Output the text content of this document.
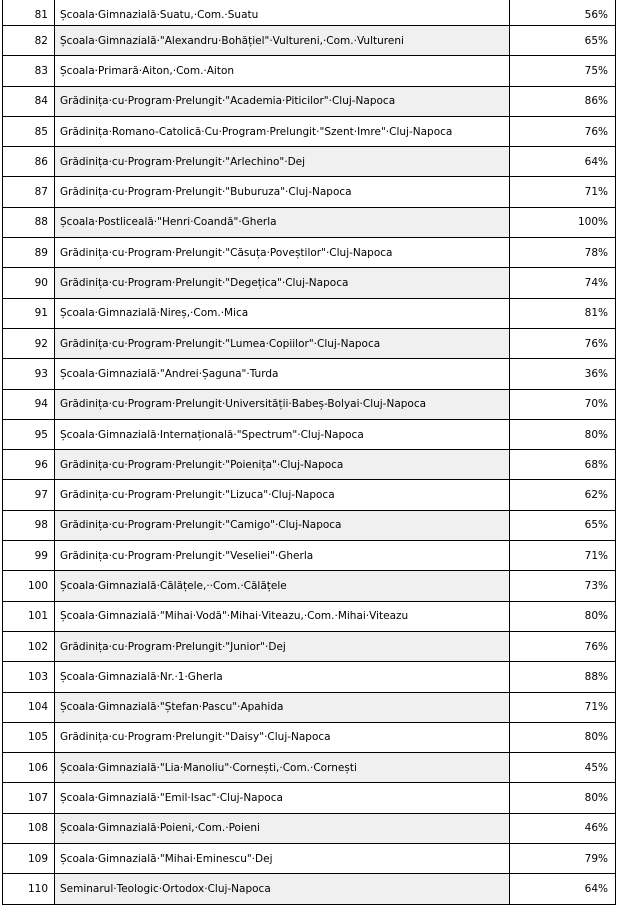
81	Școala·Gimnazială·Suatu,·Com.·Suatu	56%
82	Școala·Gimnazială·"Alexandru·Bohățiel"·Vultureni,·Com.·Vultureni	65%
83	Școala·Primară·Aiton,·Com.·Aiton	75%
84	Grădinița·cu·Program·Prelungit·"Academia·Piticilor"·Cluj-Napoca	86%
85	Grădinița·Romano-Catolică·Cu·Program·Prelungit·"Szent·Imre"·Cluj-Napoca	76%
86	Grădinița·cu·Program·Prelungit·"Arlechino"·Dej	64%
87	Grădinița·cu·Program·Prelungit·"Buburuza"·Cluj-Napoca	71%
88	Școala·Postliceală·"Henri·Coandă"·Gherla	100%
89	Grădinița·cu·Program·Prelungit·"Căsuța·Poveștilor"·Cluj-Napoca	78%
90	Grădinița·cu·Program·Prelungit·"Degețica"·Cluj-Napoca	74%
91	Școala·Gimnazială·Nireș,·Com.·Mica	81%
92	Grădinița·cu·Program·Prelungit·"Lumea·Copiilor"·Cluj-Napoca	76%
93	Școala·Gimnazială·"Andrei·Șaguna"·Turda	36%
94	Grădinița·cu·Program·Prelungit·Universității·Babeș-Bolyai·Cluj-Napoca	70%
95	Școala·Gimnazială·Internațională·"Spectrum"·Cluj-Napoca	80%
96	Grădinița·cu·Program·Prelungit·"Poienița"·Cluj-Napoca	68%
97	Grădinița·cu·Program·Prelungit·"Lizuca"·Cluj-Napoca	62%
98	Grădinița·cu·Program·Prelungit·"Camigo"·Cluj-Napoca	65%
99	Grădinița·cu·Program·Prelungit·"Veseliei"·Gherla	71%
100	Școala·Gimnazială·Călățele,··Com.·Călățele	73%
101	Școala·Gimnazială·"Mihai·Vodă"·Mihai·Viteazu,·Com.·Mihai·Viteazu	80%
102	Grădinița·cu·Program·Prelungit·"Junior"·Dej	76%
103	Școala·Gimnazială·Nr.·1·Gherla	88%
104	Școala·Gimnazială·"Ștefan·Pascu"·Apahida	71%
105	Grădinița·cu·Program·Prelungit·"Daisy"·Cluj-Napoca	80%
106	Școala·Gimnazială·"Lia·Manoliu"·Cornești,·Com.·Cornești	45%
107	Școala·Gimnazială·"Emil·Isac"·Cluj-Napoca	80%
108	Școala·Gimnazială·Poieni,·Com.·Poieni	46%
109	Școala·Gimnazială·"Mihai·Eminescu"·Dej	79%
110	Seminarul·Teologic·Ortodox·Cluj-Napoca	64%
